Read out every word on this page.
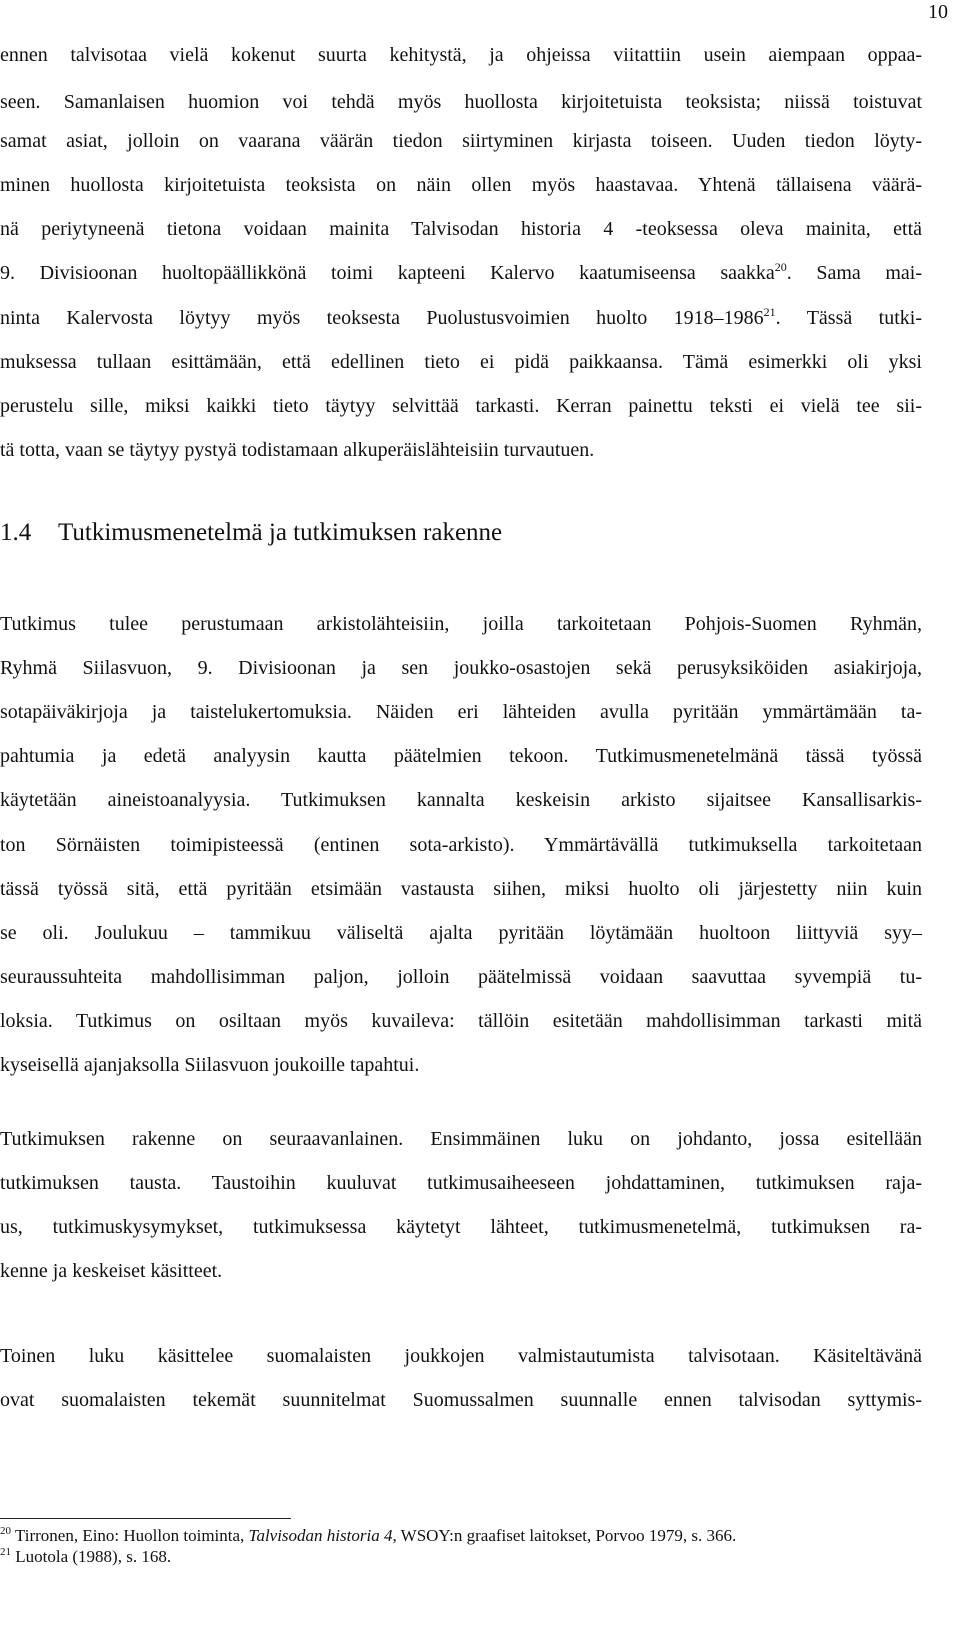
10
ennen talvisotaa vielä kokenut suurta kehitystä, ja ohjeissa viitattiin usein aiempaan oppaa-
seen. Samanlaisen huomion voi tehdä myös huollosta kirjoitetuista teoksista; niissä toistuvat
samat asiat, jolloin on vaarana väärän tiedon siirtyminen kirjasta toiseen. Uuden tiedon löyty-
minen huollosta kirjoitetuista teoksista on näin ollen myös haastavaa. Yhtenä tällaisena väärä-
nä periytyneenä tietona voidaan mainita Talvisodan historia 4 -teoksessa oleva mainita, että
9. Divisioonan huoltopäällikkönä toimi kapteeni Kalervo kaatumiseensa saakka$^{20}$. Sama mai-
ninta Kalervosta löytyy myös teoksesta Puolustusvoimien huolto 1918–1986$^{21}$. Tässä tutki-
muksessa tullaan esittämään, että edellinen tieto ei pidä paikkaansa. Tämä esimerkki oli yksi
perustelu sille, miksi kaikki tieto täytyy selvittää tarkasti. Kerran painettu teksti ei vielä tee sii-
tä totta, vaan se täytyy pystyä todistamaan alkuperäislähteisiin turvautuen.
1.4 Tutkimusmenetelmä ja tutkimuksen rakenne
Tutkimus tulee perustumaan arkistolähteisiin, joilla tarkoitetaan Pohjois-Suomen Ryhmän,
Ryhmä Siilasvuon, 9. Divisioonan ja sen joukko-osastojen sekä perusyksiköiden asiakirjoja,
sotapäiväkirjoja ja taistelukertomuksia. Näiden eri lähteiden avulla pyritään ymmärtämään ta-
pahtumia ja edetä analyysin kautta päätelmien tekoon. Tutkimusmenetelmänä tässä työssä
käytetään aineistoanalyysia. Tutkimuksen kannalta keskeisin arkisto sijaitsee Kansallisarkis-
ton Sörnäisten toimipisteessä (entinen sota-arkisto). Ymmärtävällä tutkimuksella tarkoitetaan
tässä työssä sitä, että pyritään etsimään vastausta siihen, miksi huolto oli järjestetty niin kuin
se oli. Joulukuu – tammikuu väliseltä ajalta pyritään löytämään huoltoon liittyviä syy–
seuraussuhteita mahdollisimman paljon, jolloin päätelmissä voidaan saavuttaa syvempiä tu-
loksia. Tutkimus on osiltaan myös kuvaileva: tällöin esitetään mahdollisimman tarkasti mitä
kyseisellä ajanjaksolla Siilasvuon joukoille tapahtui.
Tutkimuksen rakenne on seuraavanlainen. Ensimmäinen luku on johdanto, jossa esitellään
tutkimuksen tausta. Taustoihin kuuluvat tutkimusaiheeseen johdattaminen, tutkimuksen raja-
us, tutkimuskysymykset, tutkimuksessa käytetyt lähteet, tutkimusmenetelmä, tutkimuksen ra-
kenne ja keskeiset käsitteet.
Toinen luku käsittelee suomalaisten joukkojen valmistautumista talvisotaan. Käsiteltävänä
ovat suomalaisten tekemät suunnitelmat Suomussalmen suunnalle ennen talvisodan syttymis-
$^{20}$ Tirronen, Eino: Huollon toiminta, Talvisodan historia 4, WSOY:n graafiset laitokset, Porvoo 1979, s. 366.
$^{21}$ Luotola (1988), s. 168.
